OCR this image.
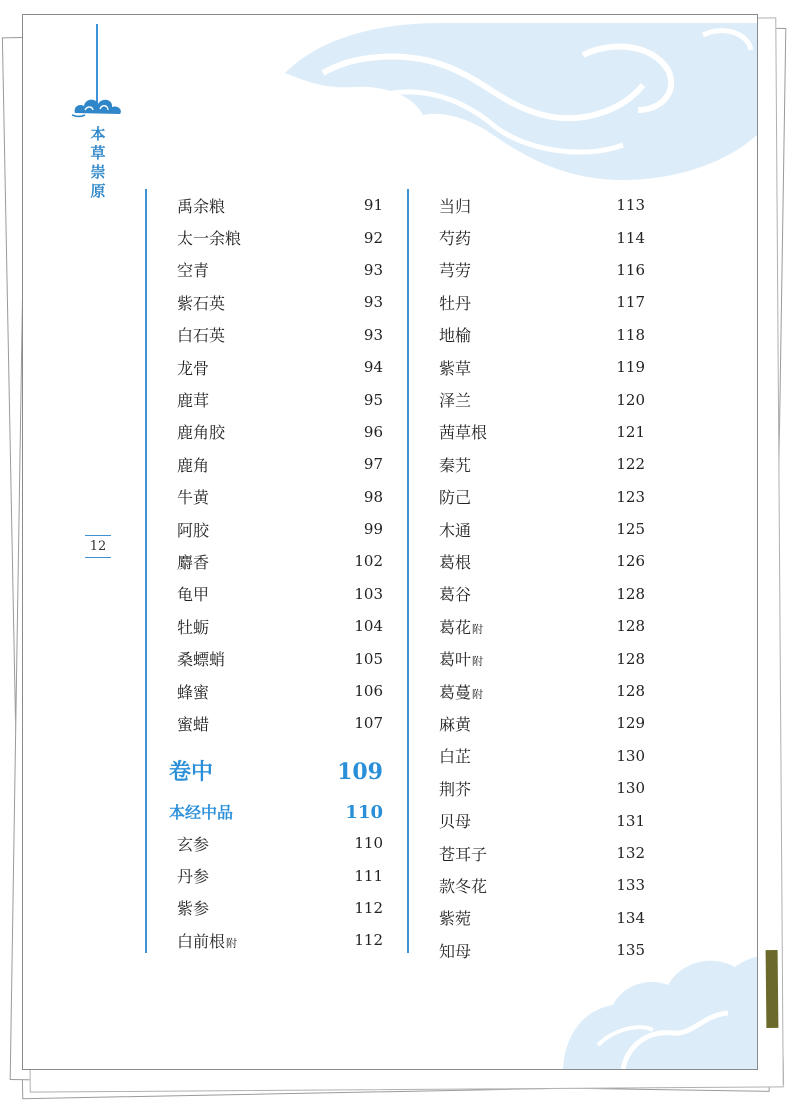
本草崇原
12
禹余粮	91
太一余粮	92
空青	93
紫石英	93
白石英	93
龙骨	94
鹿茸	95
鹿角胶	96
鹿角	97
牛黄	98
阿胶	99
麝香	102
龟甲	103
牡蛎	104
桑螵蛸	105
蜂蜜	106
蜜蜡	107
卷中	109
本经中品	110
玄参	110
丹参	111
紫参	112
白前根附	112
当归	113
芍药	114
芎劳	116
牡丹	117
地榆	118
紫草	119
泽兰	120
茜草根	121
秦艽	122
防己	123
木通	125
葛根	126
葛谷	128
葛花附	128
葛叶附	128
葛蔓附	128
麻黄	129
白芷	130
荆芥	130
贝母	131
苍耳子	132
款冬花	133
紫菀	134
知母	135
